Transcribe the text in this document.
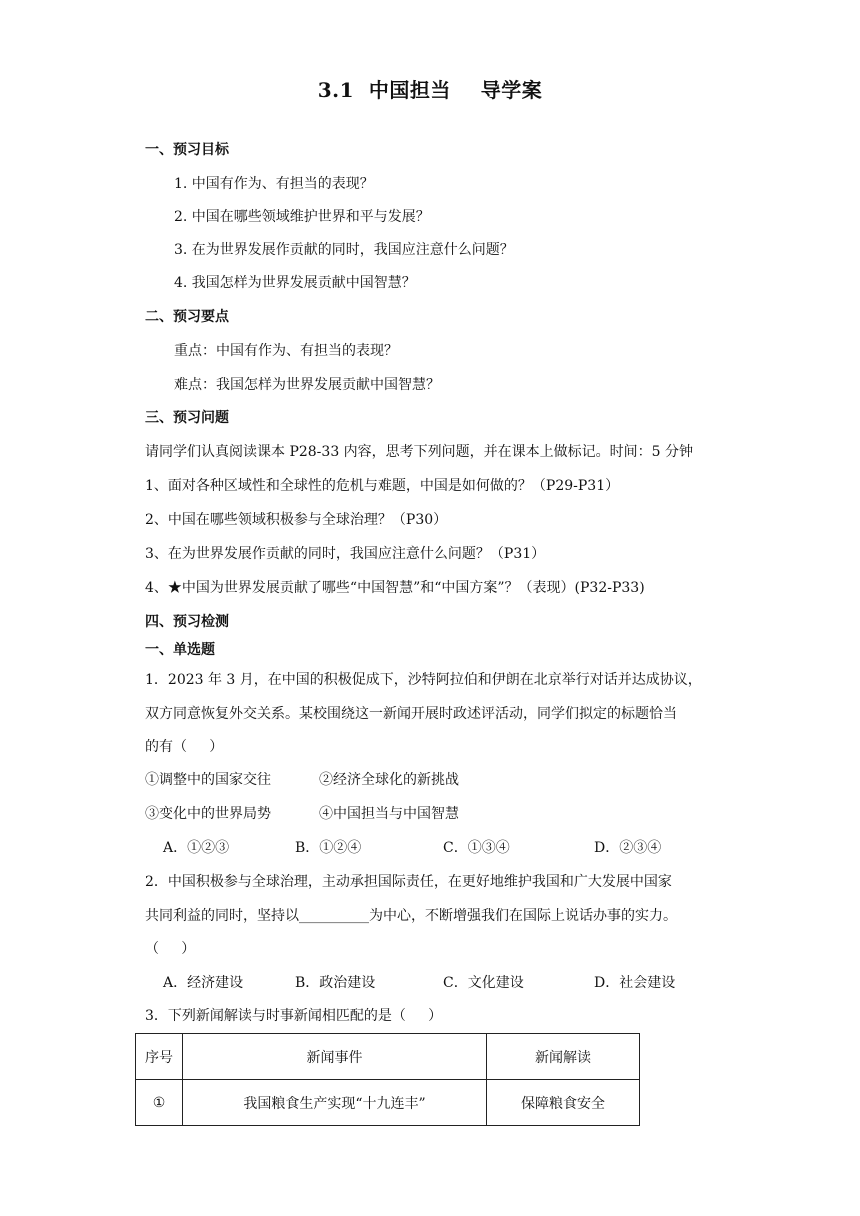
3.1  中国担当    导学案
一、预习目标
1. 中国有作为、有担当的表现？
2. 中国在哪些领域维护世界和平与发展？
3. 在为世界发展作贡献的同时，我国应注意什么问题？
4. 我国怎样为世界发展贡献中国智慧？
二、预习要点
重点：中国有作为、有担当的表现？
难点：我国怎样为世界发展贡献中国智慧？
三、预习问题
请同学们认真阅读课本 P28-33 内容，思考下列问题，并在课本上做标记。时间：5 分钟
1、面对各种区域性和全球性的危机与难题，中国是如何做的？（P29-P31）
2、中国在哪些领域积极参与全球治理？（P30）
3、在为世界发展作贡献的同时，我国应注意什么问题？（P31）
4、★中国为世界发展贡献了哪些“中国智慧”和“中国方案”？（表现）(P32-P33)
四、预习检测
一、单选题
1．2023 年 3 月，在中国的积极促成下，沙特阿拉伯和伊朗在北京举行对话并达成协议，
双方同意恢复外交关系。某校围绕这一新闻开展时政述评活动，同学们拟定的标题恰当
的有（     ）
①调整中的国家交往	②经济全球化的新挑战
③变化中的世界局势	④中国担当与中国智慧
A．①②③	B．①②④	C．①③④	D．②③④
2．中国积极参与全球治理，主动承担国际责任，在更好地维护我国和广大发展中国家
共同利益的同时，坚持以__________为中心，不断增强我们在国际上说话办事的实力。
（     ）
A．经济建设	B．政治建设	C．文化建设	D．社会建设
3．下列新闻解读与时事新闻相匹配的是（     ）
序号	新闻事件	新闻解读
①	我国粮食生产实现“十九连丰”	保障粮食安全
